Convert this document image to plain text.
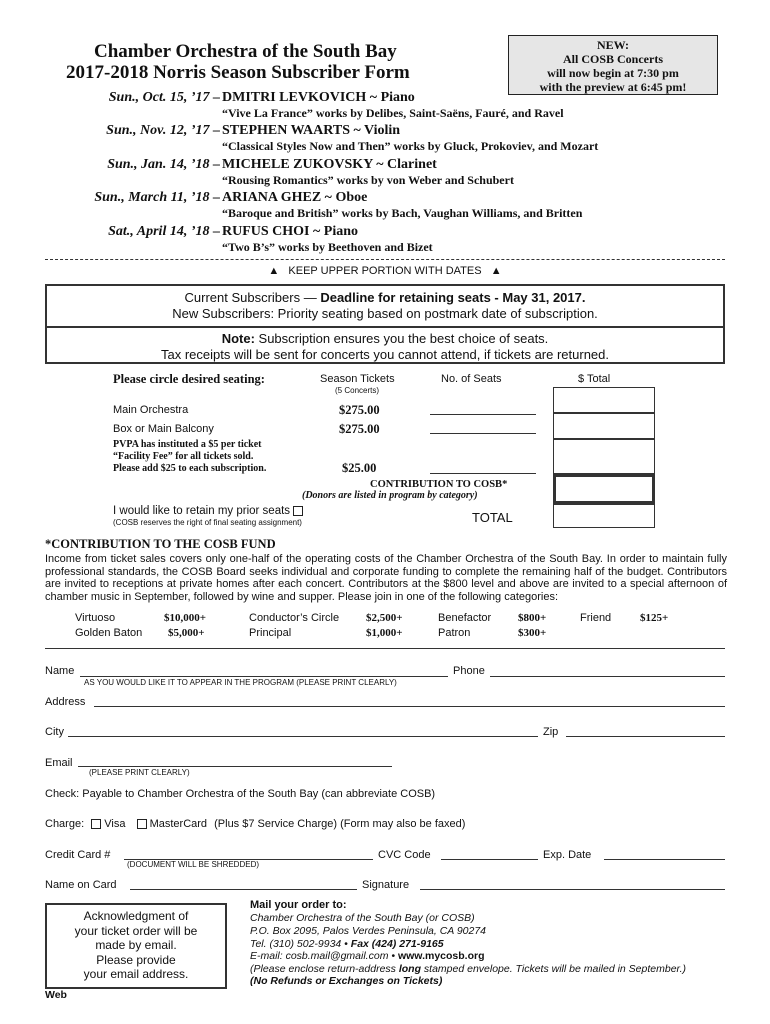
Chamber Orchestra of the South Bay
2017-2018 Norris Season Subscriber Form
NEW:
All COSB Concerts
will now begin at 7:30 pm
with the preview at 6:45 pm!
Sun., Oct. 15, ’17 – DMITRI LEVKOVICH ~ Piano
“Vive La France” works by Delibes, Saint-Saëns, Fauré, and Ravel
Sun., Nov. 12, ’17 – STEPHEN WAARTS ~ Violin
“Classical Styles Now and Then” works by Gluck, Prokoviev, and Mozart
Sun., Jan. 14, ’18 – MICHELE ZUKOVSKY ~ Clarinet
“Rousing Romantics” works by von Weber and Schubert
Sun., March 11, ’18 – ARIANA GHEZ ~ Oboe
“Baroque and British” works by Bach, Vaughan Williams, and Britten
Sat., April 14, ’18 – RUFUS CHOI ~ Piano
“Two B’s” works by Beethoven and Bizet
▲ KEEP UPPER PORTION WITH DATES ▲
Current Subscribers — Deadline for retaining seats - May 31, 2017.
New Subscribers: Priority seating based on postmark date of subscription.
Note: Subscription ensures you the best choice of seats.
Tax receipts will be sent for concerts you cannot attend, if tickets are returned.
Please circle desired seating:	Season Tickets
(5 Concerts)
No. of Seats	$ Total
Main Orchestra	$275.00
Box or Main Balcony	$275.00
PVPA has instituted a $5 per ticket
“Facility Fee” for all tickets sold.
Please add $25 to each subscription.	$25.00
CONTRIBUTION TO COSB*
(Donors are listed in program by category)
I would like to retain my prior seats
(COSB reserves the right of final seating assignment)	TOTAL
*CONTRIBUTION TO THE COSB FUND
Income from ticket sales covers only one-half of the operating costs of the Chamber Orchestra of the South Bay. In order to maintain fully professional standards, the COSB Board seeks individual and corporate funding to complete the remaining half of the budget. Contributors are invited to receptions at private homes after each concert. Contributors at the $800 level and above are invited to a special afternoon of chamber music in September, followed by wine and supper. Please join in one of the following categories:
Virtuoso	$10,000+	Conductor’s Circle $2,500+	Benefactor $800+	Friend	$125+
Golden Baton $5,000+	Principal	$1,000+	Patron	$300+
Name
AS YOU WOULD LIKE IT TO APPEAR IN THE PROGRAM (PLEASE PRINT CLEARLY)
Phone
Address
City	Zip
Email
(PLEASE PRINT CLEARLY)
Check: Payable to Chamber Orchestra of the South Bay (can abbreviate COSB)
Charge: Visa MasterCard (Plus $7 Service Charge) (Form may also be faxed)
Credit Card #
(DOCUMENT WILL BE SHREDDED)
CVC Code	Exp. Date
Name on Card	Signature
Acknowledgment of
your ticket order will be
made by email.
Please provide
your email address.
Web
Mail your order to:
Chamber Orchestra of the South Bay (or COSB)
P.O. Box 2095, Palos Verdes Peninsula, CA 90274
Tel. (310) 502-9934 • Fax (424) 271-9165
E-mail: cosb.mail@gmail.com • www.mycosb.org
(Please enclose return-address long stamped envelope. Tickets will be mailed in September.)
(No Refunds or Exchanges on Tickets)
